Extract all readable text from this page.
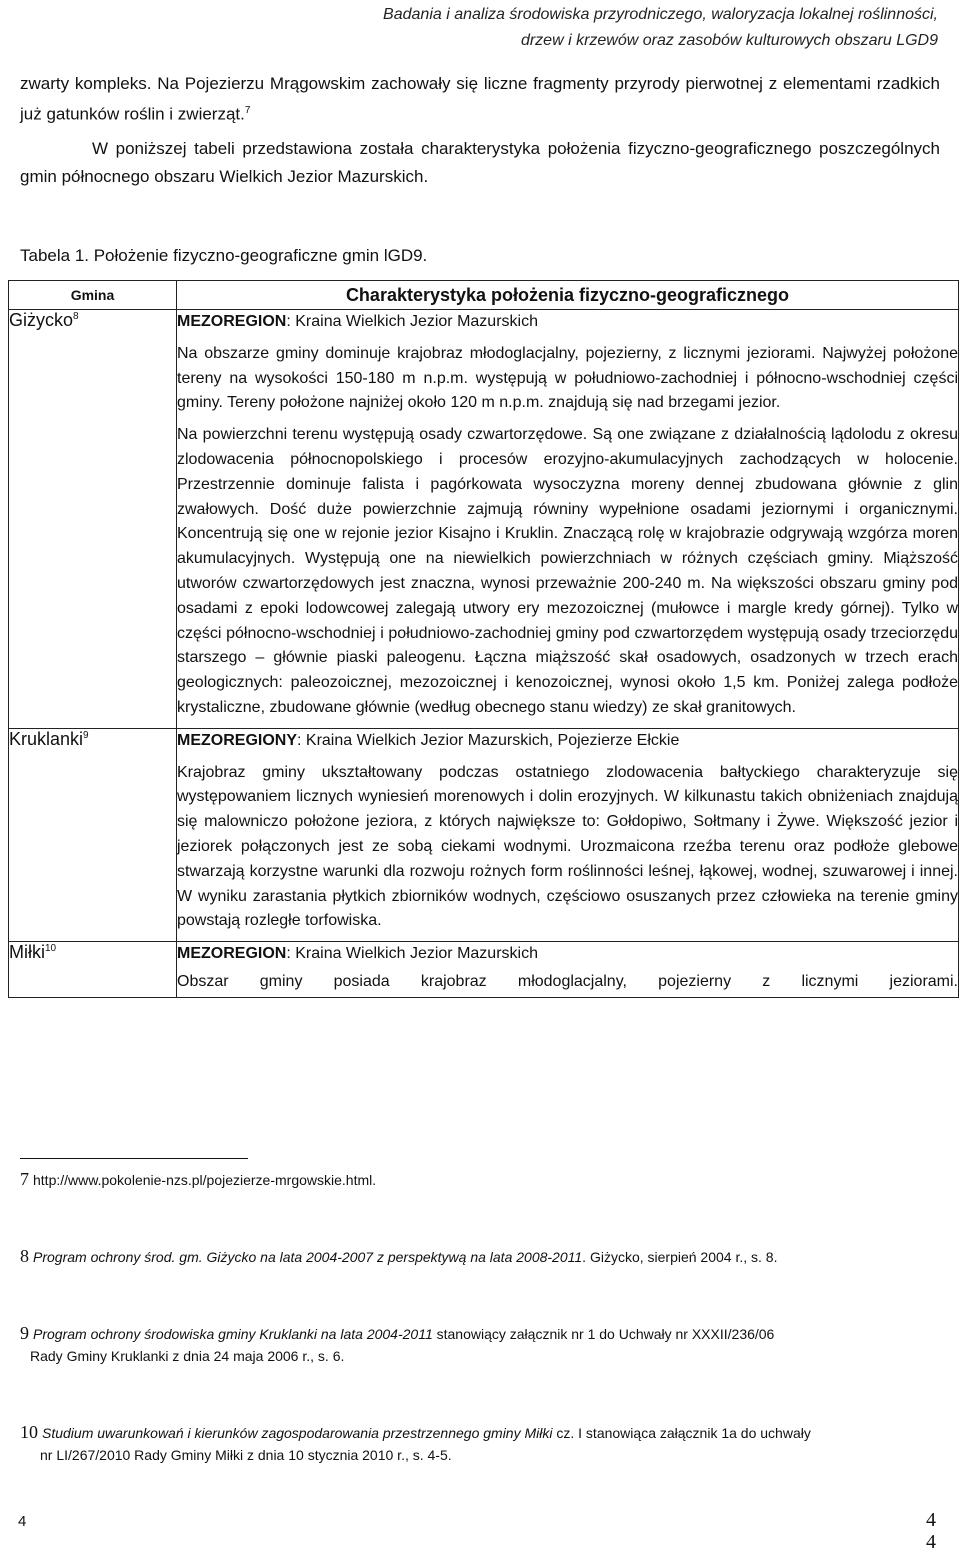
Badania i analiza środowiska przyrodniczego, waloryzacja lokalnej roślinności,
drzew i krzewów oraz zasobów kulturowych obszaru LGD9
zwarty kompleks. Na Pojezierzu Mrągowskim zachowały się liczne fragmenty przyrody pierwotnej z elementami rzadkich już gatunków roślin i zwierząt.$^7$
W poniższej tabeli przedstawiona została charakterystyka położenia fizyczno-geograficznego poszczególnych gmin północnego obszaru Wielkich Jezior Mazurskich.
Tabela 1. Położenie fizyczno-geograficzne gmin lGD9.
Gmina	Charakterystyka położenia fizyczno-geograficznego
Giżycko$^8$	MEZOREGION: Kraina Wielkich Jezior Mazurskich

Na obszarze gminy dominuje krajobraz młodoglacjalny, pojezierny, z licznymi jeziorami. Najwyżej położone tereny na wysokości 150-180 m n.p.m. występują w południowo-zachodniej i północno-wschodniej części gminy. Tereny położone najniżej około 120 m n.p.m. znajdują się nad brzegami jezior.

Na powierzchni terenu występują osady czwartorzędowe. Są one związane z działalnością lądolodu z okresu zlodowacenia północnopolskiego i procesów erozyjno-akumulacyjnych zachodzących w holocenie. Przestrzennie dominuje falista i pagórkowata wysoczyzna moreny dennej zbudowana głównie z glin zwałowych. Dość duże powierzchnie zajmują równiny wypełnione osadami jeziornymi i organicznymi. Koncentrują się one w rejonie jezior Kisajno i Kruklin. Znaczącą rolę w krajobrazie odgrywają wzgórza moren akumulacyjnych. Występują one na niewielkich powierzchniach w różnych częściach gminy. Miąższość utworów czwartorzędowych jest znaczna, wynosi przeważnie 200-240 m. Na większości obszaru gminy pod osadami z epoki lodowcowej zalegają utwory ery mezozoicznej (mułowce i margle kredy górnej). Tylko w części północno-wschodniej i południowo-zachodniej gminy pod czwartorzędem występują osady trzeciorzędu starszego – głównie piaski paleogenu. Łączna miąższość skał osadowych, osadzonych w trzech erach geologicznych: paleozoicznej, mezozoicznej i kenozoicznej, wynosi około 1,5 km. Poniżej zalega podłoże krystaliczne, zbudowane głównie (według obecnego stanu wiedzy) ze skał granitowych.

Kruklanki$^9$	MEZOREGIONY: Kraina Wielkich Jezior Mazurskich, Pojezierze Ełckie

Krajobraz gminy ukształtowany podczas ostatniego zlodowacenia bałtyckiego charakteryzuje się występowaniem licznych wyniesień morenowych i dolin erozyjnych. W kilkunastu takich obniżeniach znajdują się malowniczo położone jeziora, z których największe to: Gołdopiwo, Sołtmany i Żywe. Większość jezior i jeziorek połączonych jest ze sobą ciekami wodnymi. Urozmaicona rzeźba terenu oraz podłoże glebowe stwarzają korzystne warunki dla rozwoju rożnych form roślinności leśnej, łąkowej, wodnej, szuwarowej i innej. W wyniku zarastania płytkich zbiorników wodnych, częściowo osuszanych przez człowieka na terenie gminy powstają rozległe torfowiska.

Miłki$^{10}$	MEZOREGION: Kraina Wielkich Jezior Mazurskich

Obszar gminy posiada krajobraz młodoglacjalny, pojezierny z licznymi jeziorami.

7 http://www.pokolenie-nzs.pl/pojezierze-mrgowskie.html.
8 Program ochrony środ. gm. Giżycko na lata 2004-2007 z perspektywą na lata 2008-2011. Giżycko, sierpień 2004 r., s. 8.
9 Program ochrony środowiska gminy Kruklanki na lata 2004-2011 stanowiący załącznik nr 1 do Uchwały nr XXXII/236/06
Rady Gminy Kruklanki z dnia 24 maja 2006 r., s. 6.
10 Studium uwarunkowań i kierunków zagospodarowania przestrzennego gminy Miłki cz. I stanowiąca załącznik 1a do uchwały
nr LI/267/2010 Rady Gminy Miłki z dnia 10 stycznia 2010 r., s. 4-5.
4	4
4
